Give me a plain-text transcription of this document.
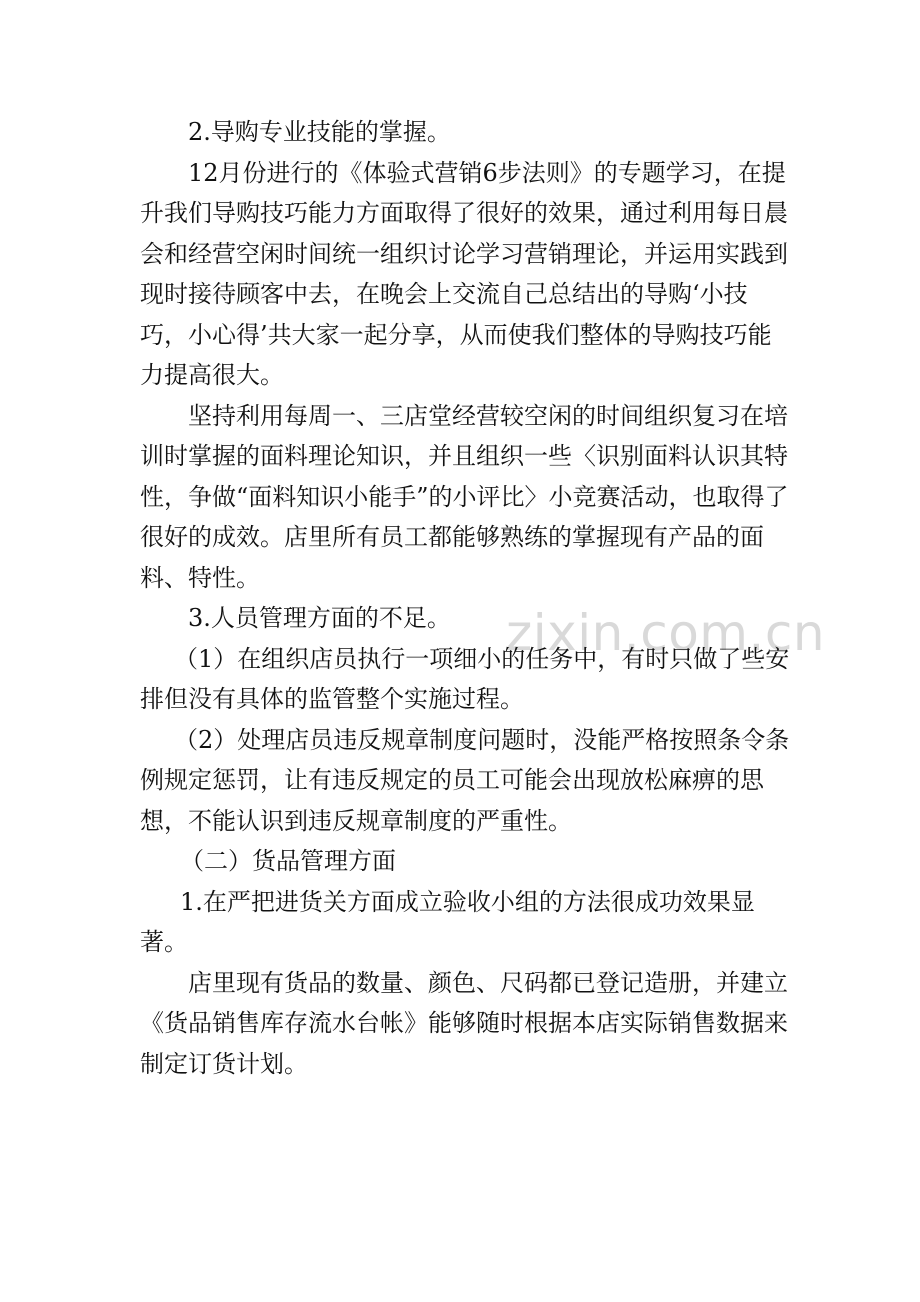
zixin.com.cn

2.导购专业技能的掌握。

12月份进行的《体验式营销6步法则》的专题学习，在提升我们导购技巧能力方面取得了很好的效果，通过利用每日晨会和经营空闲时间统一组织讨论学习营销理论，并运用实践到现时接待顾客中去，在晚会上交流自己总结出的导购‘小技巧，小心得’共大家一起分享，从而使我们整体的导购技巧能力提高很大。

坚持利用每周一、三店堂经营较空闲的时间组织复习在培训时掌握的面料理论知识，并且组织一些〈识别面料认识其特性，争做“面料知识小能手”的小评比〉小竞赛活动，也取得了很好的成效。店里所有员工都能够熟练的掌握现有产品的面料、特性。

3.人员管理方面的不足。

（1）在组织店员执行一项细小的任务中，有时只做了些安排但没有具体的监管整个实施过程。

（2）处理店员违反规章制度问题时，没能严格按照条令条例规定惩罚，让有违反规定的员工可能会出现放松麻痹的思想，不能认识到违反规章制度的严重性。

（二）货品管理方面

1.在严把进货关方面成立验收小组的方法很成功效果显著。

店里现有货品的数量、颜色、尺码都已登记造册，并建立《货品销售库存流水台帐》能够随时根据本店实际销售数据来制定订货计划。
